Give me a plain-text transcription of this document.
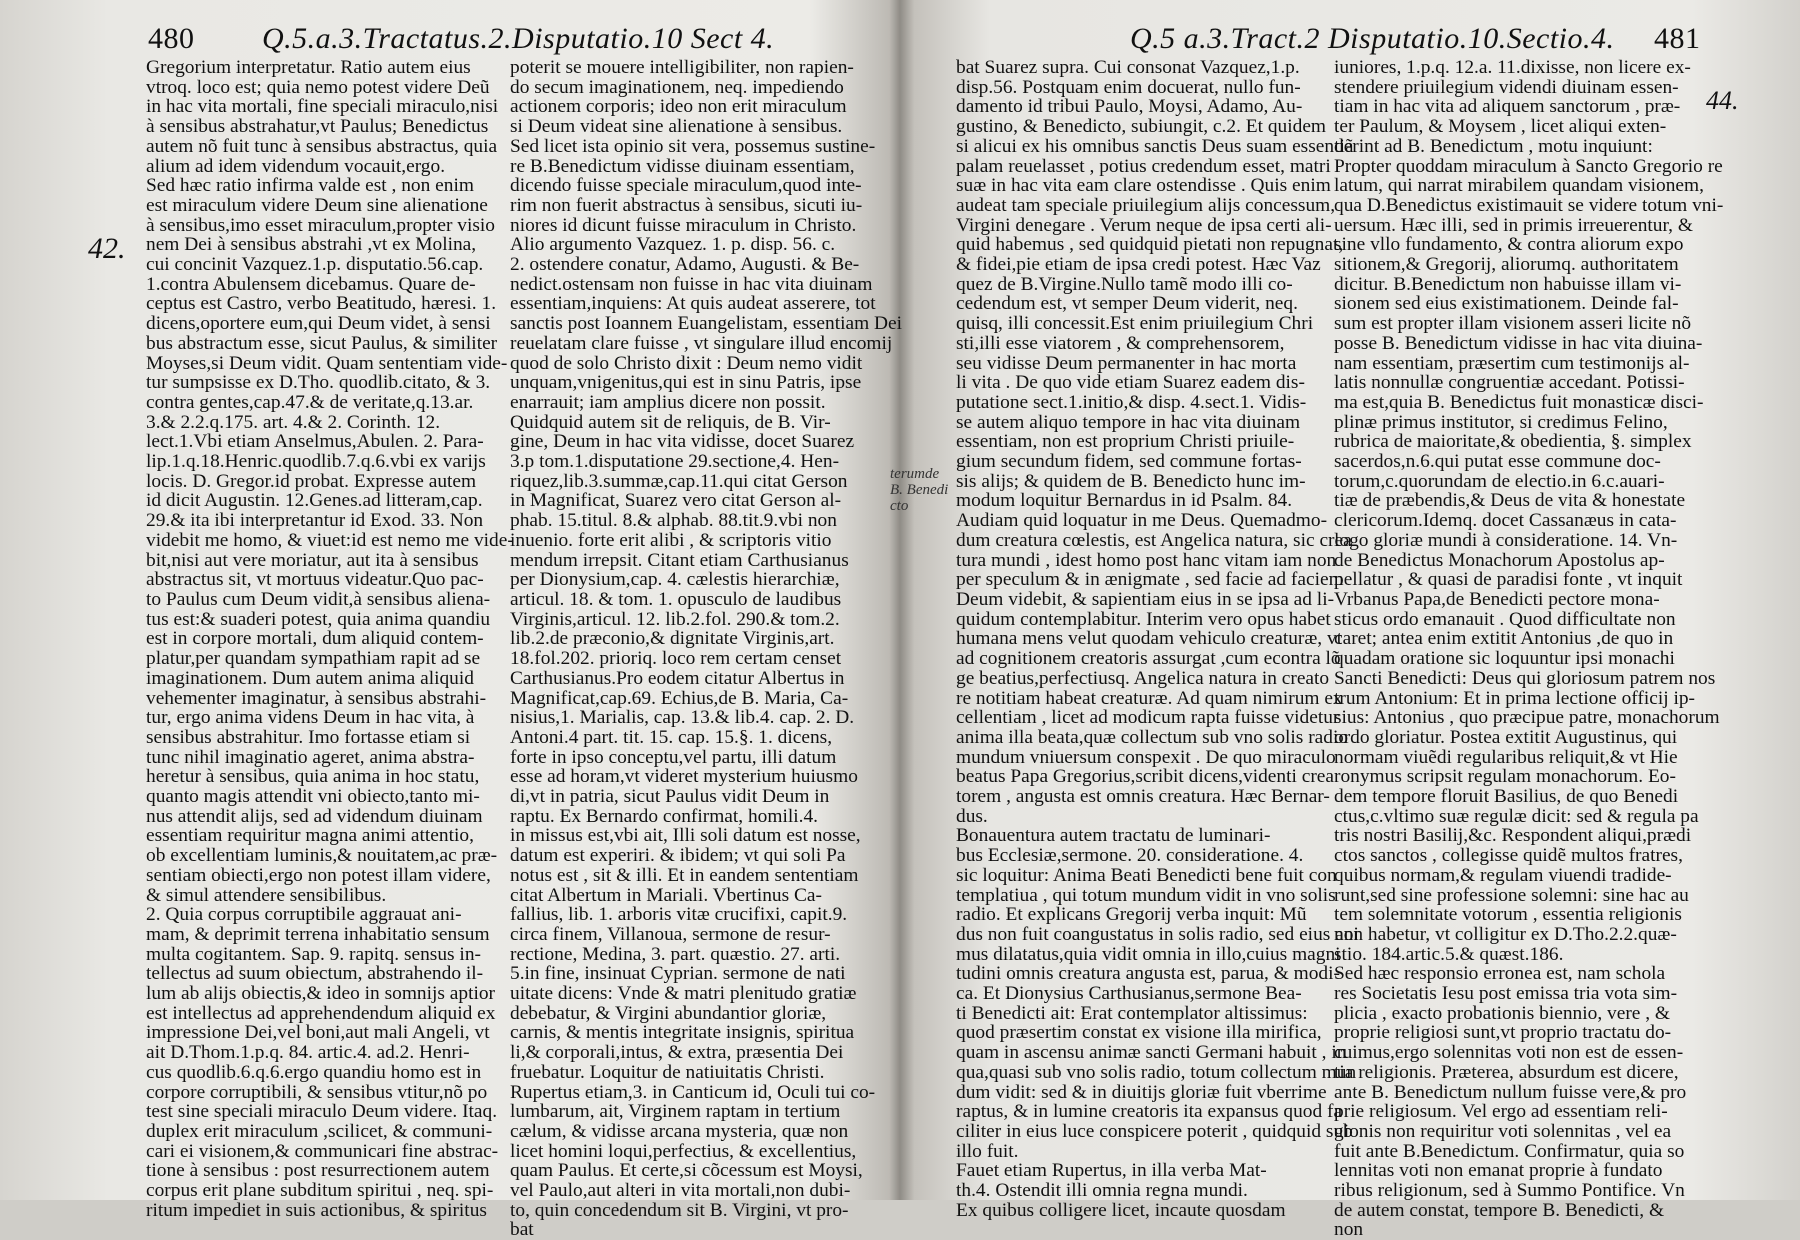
480 Q.5.a.3.Tractatus.2.Disputatio.10 Sect 4.
42.

Gregorium interpretatur. Ratio autem eius

vtroq. loco est; quia nemo potest videre Deũ

in hac vita mortali, fine speciali miraculo,nisi

à sensibus abstrahatur,vt Paulus; Benedictus

autem nõ fuit tunc à sensibus abstractus, quia

alium ad idem videndum vocauit,ergo.

Sed hæc ratio infirma valde est , non enim

est miraculum videre Deum sine alienatione

à sensibus,imo esset miraculum,propter visio

nem Dei à sensibus abstrahi ,vt ex Molina,

cui concinit Vazquez.1.p. disputatio.56.cap.

1.contra Abulensem dicebamus. Quare de-

ceptus est Castro, verbo Beatitudo, hæresi. 1.

dicens,oportere eum,qui Deum videt, à sensi

bus abstractum esse, sicut Paulus, & similiter

Moyses,si Deum vidit. Quam sententiam vide-

tur sumpsisse ex D.Tho. quodlib.citato, & 3.

contra gentes,cap.47.& de veritate,q.13.ar.

3.& 2.2.q.175. art. 4.& 2. Corinth. 12.

lect.1.Vbi etiam Anselmus,Abulen. 2. Para-

lip.1.q.18.Henric.quodlib.7.q.6.vbi ex varijs

locis. D. Gregor.id probat. Expresse autem

id dicit Augustin. 12.Genes.ad litteram,cap.

29.& ita ibi interpretantur id Exod. 33. Non

videbit me homo, & viuet:id est nemo me vide-

bit,nisi aut vere moriatur, aut ita à sensibus

abstractus sit, vt mortuus videatur.Quo pac-

to Paulus cum Deum vidit,à sensibus aliena-

tus est:& suaderi potest, quia anima quandiu

est in corpore mortali, dum aliquid contem-

platur,per quandam sympathiam rapit ad se

imaginationem. Dum autem anima aliquid

vehementer imaginatur, à sensibus abstrahi-

tur, ergo anima videns Deum in hac vita, à

sensibus abstrahitur. Imo fortasse etiam si

tunc nihil imaginatio ageret, anima abstra-

heretur à sensibus, quia anima in hoc statu,

quanto magis attendit vni obiecto,tanto mi-

nus attendit alijs, sed ad videndum diuinam

essentiam requiritur magna animi attentio,

ob excellentiam luminis,& nouitatem,ac præ-

sentiam obiecti,ergo non potest illam videre,

& simul attendere sensibilibus.

2. Quia corpus corruptibile aggrauat ani-

mam, & deprimit terrena inhabitatio sensum

multa cogitantem. Sap. 9. rapitq. sensus in-

tellectus ad suum obiectum, abstrahendo il-

lum ab alijs obiectis,& ideo in somnijs aptior

est intellectus ad apprehendendum aliquid ex

impressione Dei,vel boni,aut mali Angeli, vt

ait D.Thom.1.p.q. 84. artic.4. ad.2. Henri-

cus quodlib.6.q.6.ergo quandiu homo est in

corpore corruptibili, & sensibus vtitur,nõ po

test sine speciali miraculo Deum videre. Itaq.

duplex erit miraculum ,scilicet, & communi-

cari ei visionem,& communicari fine abstrac-

tione à sensibus : post resurrectionem autem

corpus erit plane subditum spiritui , neq. spi-

ritum impediet in suis actionibus, & spiritus

poterit se mouere intelligibiliter, non rapien-

do secum imaginationem, neq. impediendo

actionem corporis; ideo non erit miraculum

si Deum videat sine alienatione à sensibus.

Sed licet ista opinio sit vera, possemus sustine-

re B.Benedictum vidisse diuinam essentiam,

dicendo fuisse speciale miraculum,quod inte-

rim non fuerit abstractus à sensibus, sicuti iu-

niores id dicunt fuisse miraculum in Christo.

Alio argumento Vazquez. 1. p. disp. 56. c.

2. ostendere conatur, Adamo, Augusti. & Be-

nedict.ostensam non fuisse in hac vita diuinam

essentiam,inquiens: At quis audeat asserere, tot

sanctis post Ioannem Euangelistam, essentiam Dei

reuelatam clare fuisse , vt singulare illud encomij

quod de solo Christo dixit : Deum nemo vidit

unquam,vnigenitus,qui est in sinu Patris, ipse

enarrauit; iam amplius dicere non possit.

Quidquid autem sit de reliquis, de B. Vir-

gine, Deum in hac vita vidisse, docet Suarez

3.p tom.1.disputatione 29.sectione,4. Hen-

riquez,lib.3.summæ,cap.11.qui citat Gerson

in Magnificat, Suarez vero citat Gerson al-

phab. 15.titul. 8.& alphab. 88.tit.9.vbi non

inuenio. forte erit alibi , & scriptoris vitio

mendum irrepsit. Citant etiam Carthusianus

per Dionysium,cap. 4. cælestis hierarchiæ,

articul. 18. & tom. 1. opusculo de laudibus

Virginis,articul. 12. lib.2.fol. 290.& tom.2.

lib.2.de præconio,& dignitate Virginis,art.

18.fol.202. prioriq. loco rem certam censet

Carthusianus.Pro eodem citatur Albertus in

Magnificat,cap.69. Echius,de B. Maria, Ca-

nisius,1. Marialis, cap. 13.& lib.4. cap. 2. D.

Antoni.4 part. tit. 15. cap. 15.§. 1. dicens,

forte in ipso conceptu,vel partu, illi datum

esse ad horam,vt videret mysterium huiusmo

di,vt in patria, sicut Paulus vidit Deum in

raptu. Ex Bernardo confirmat, homili.4.

in missus est,vbi ait, Illi soli datum est nosse,

datum est experiri. & ibidem; vt qui soli Pa

notus est , sit & illi. Et in eandem sententiam

citat Albertum in Mariali. Vbertinus Ca-

fallius, lib. 1. arboris vitæ crucifixi, capit.9.

circa finem, Villanoua, sermone de resur-

rectione, Medina, 3. part. quæstio. 27. arti.

5.in fine, insinuat Cyprian. sermone de nati

uitate dicens: Vnde & matri plenitudo gratiæ

debebatur, & Virgini abundantior gloriæ,

carnis, & mentis integritate insignis, spiritua

li,& corporali,intus, & extra, præsentia Dei

fruebatur. Loquitur de natiuitatis Christi.

Rupertus etiam,3. in Canticum id, Oculi tui co-

lumbarum, ait, Virginem raptam in tertium

cælum, & vidisse arcana mysteria, quæ non

licet homini loqui,perfectius, & excellentius,

quam Paulus. Et certe,si cõcessum est Moysi,

vel Paulo,aut alteri in vita mortali,non dubi-

to, quin concedendum sit B. Virgini, vt pro-

bat

Q.5 a.3.Tract.2 Disputatio.10.Sectio.4. 481
44.
terumde
B. Benedi
cto

bat Suarez supra. Cui consonat Vazquez,1.p.

disp.56. Postquam enim docuerat, nullo fun-

damento id tribui Paulo, Moysi, Adamo, Au-

gustino, & Benedicto, subiungit, c.2. Et quidem

si alicui ex his omnibus sanctis Deus suam essentiã

palam reuelasset , potius credendum esset, matri

suæ in hac vita eam clare ostendisse . Quis enim

audeat tam speciale priuilegium alijs concessum,

Virgini denegare . Verum neque de ipsa certi ali-

quid habemus , sed quidquid pietati non repugnat,

& fidei,pie etiam de ipsa credi potest. Hæc Vaz

quez de B.Virgine.Nullo tamẽ modo illi co-

cedendum est, vt semper Deum viderit, neq.

quisq, illi concessit.Est enim priuilegium Chri

sti,illi esse viatorem , & comprehensorem,

seu vidisse Deum permanenter in hac morta

li vita . De quo vide etiam Suarez eadem dis-

putatione sect.1.initio,& disp. 4.sect.1. Vidis-

se autem aliquo tempore in hac vita diuinam

essentiam, non est proprium Christi priuile-

gium secundum fidem, sed commune fortas-

sis alijs; & quidem de B. Benedicto hunc im-

modum loquitur Bernardus in id Psalm. 84.

Audiam quid loquatur in me Deus. Quemadmo-

dum creatura cœlestis, est Angelica natura, sic crea

tura mundi , idest homo post hanc vitam iam non

per speculum & in ænigmate , sed facie ad faciem

Deum videbit, & sapientiam eius in se ipsa ad li-

quidum contemplabitur. Interim vero opus habet

humana mens velut quodam vehiculo creaturæ, vt

ad cognitionem creatoris assurgat ,cum econtra lõ

ge beatius,perfectiusq. Angelica natura in creato

re notitiam habeat creaturæ. Ad quam nimirum ex

cellentiam , licet ad modicum rapta fuisse videtur

anima illa beata,quæ collectum sub vno solis radio

mundum vniuersum conspexit . De quo miraculo

beatus Papa Gregorius,scribit dicens,videnti crea

torem , angusta est omnis creatura. Hæc Bernar-

dus.

Bonauentura autem tractatu de luminari-

bus Ecclesiæ,sermone. 20. consideratione. 4.

sic loquitur: Anima Beati Benedicti bene fuit con

templatiua , qui totum mundum vidit in vno solis

radio. Et explicans Gregorij verba inquit: Mũ

dus non fuit coangustatus in solis radio, sed eius ani

mus dilatatus,quia vidit omnia in illo,cuius magni

tudini omnis creatura angusta est, parua, & modi-

ca. Et Dionysius Carthusianus,sermone Bea-

ti Benedicti ait: Erat contemplator altissimus:

quod præsertim constat ex visione illa mirifica,

quam in ascensu animæ sancti Germani habuit , in

qua,quasi sub vno solis radio, totum collectum mun

dum vidit: sed & in diuitijs gloriæ fuit vberrime

raptus, & in lumine creatoris ita expansus quod fa

ciliter in eius luce conspicere poterit , quidquid sub

illo fuit.

Fauet etiam Rupertus, in illa verba Mat-

th.4. Ostendit illi omnia regna mundi.

Ex quibus colligere licet, incaute quosdam

iuniores, 1.p.q. 12.a. 11.dixisse, non licere ex-

stendere priuilegium videndi diuinam essen-

tiam in hac vita ad aliquem sanctorum , præ-

ter Paulum, & Moysem , licet aliqui exten-

derint ad B. Benedictum , motu inquiunt:

Propter quoddam miraculum à Sancto Gregorio re

latum, qui narrat mirabilem quandam visionem,

qua D.Benedictus existimauit se videre totum vni-

uersum. Hæc illi, sed in primis irreuerentur, &

sine vllo fundamento, & contra aliorum expo

sitionem,& Gregorij, aliorumq. authoritatem

dicitur. B.Benedictum non habuisse illam vi-

sionem sed eius existimationem. Deinde fal-

sum est propter illam visionem asseri licite nõ

posse B. Benedictum vidisse in hac vita diuina-

nam essentiam, præsertim cum testimonijs al-

latis nonnullæ congruentiæ accedant. Potissi-

ma est,quia B. Benedictus fuit monasticæ disci-

plinæ primus institutor, si credimus Felino,

rubrica de maioritate,& obedientia, §. simplex

sacerdos,n.6.qui putat esse commune doc-

torum,c.quorundam de electio.in 6.c.auari-

tiæ de præbendis,& Deus de vita & honestate

clericorum.Idemq. docet Cassanæus in cata-

logo gloriæ mundi à consideratione. 14. Vn-

de Benedictus Monachorum Apostolus ap-

pellatur , & quasi de paradisi fonte , vt inquit

Vrbanus Papa,de Benedicti pectore mona-

sticus ordo emanauit . Quod difficultate non

caret; antea enim extitit Antonius ,de quo in

quadam oratione sic loquuntur ipsi monachi

Sancti Benedicti: Deus qui gloriosum patrem nos

trum Antonium: Et in prima lectione officij ip-

sius: Antonius , quo præcipue patre, monachorum

ordo gloriatur. Postea extitit Augustinus, qui

normam viuẽdi regularibus reliquit,& vt Hie

ronymus scripsit regulam monachorum. Eo-

dem tempore floruit Basilius, de quo Benedi

ctus,c.vltimo suæ regulæ dicit: sed & regula pa

tris nostri Basilij,&c. Respondent aliqui,prædi

ctos sanctos , collegisse quidẽ multos fratres,

quibus normam,& regulam viuendi tradide-

runt,sed sine professione solemni: sine hac au

tem solemnitate votorum , essentia religionis

non habetur, vt colligitur ex D.Tho.2.2.quæ-

stio. 184.artic.5.& quæst.186.

Sed hæc responsio erronea est, nam schola

res Societatis Iesu post emissa tria vota sim-

plicia , exacto probationis biennio, vere , &

proprie religiosi sunt,vt proprio tractatu do-

cuimus,ergo solennitas voti non est de essen-

tia religionis. Præterea, absurdum est dicere,

ante B. Benedictum nullum fuisse vere,& pro

prie religiosum. Vel ergo ad essentiam reli-

gionis non requiritur voti solennitas , vel ea

fuit ante B.Benedictum. Confirmatur, quia so

lennitas voti non emanat proprie à fundato

ribus religionum, sed à Summo Pontifice. Vn

de autem constat, tempore B. Benedicti, &

non
